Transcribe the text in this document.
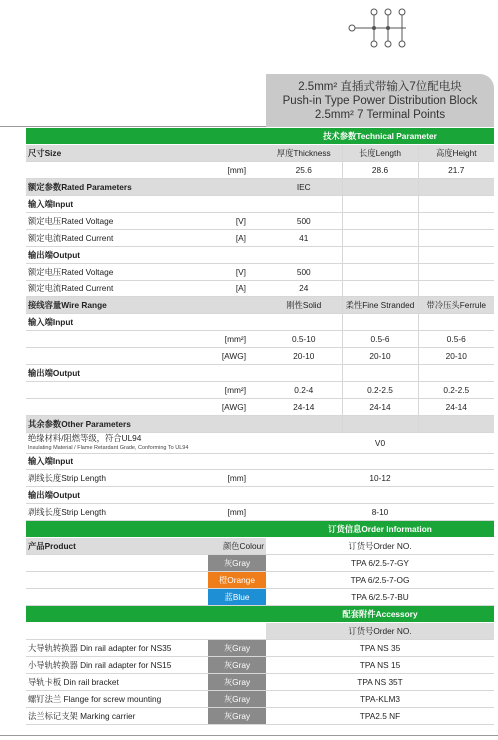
2.5mm² 直插式带输入7位配电块
Push-in Type Power Distribution Block
2.5mm² 7 Terminal Points
		技术参数Technical Parameter		
尺寸Size		厚度Thickness	长度Length	高度Height
	[mm]	25.6	28.6	21.7
额定参数Rated Parameters		IEC		
输入端Input				
额定电压Rated Voltage	[V]	500		
额定电流Rated Current	[A]	41		
输出端Output				
额定电压Rated Voltage	[V]	500		
额定电流Rated Current	[A]	24		
接线容量Wire Range		刚性Solid	柔性Fine Stranded	带冷压头Ferrule
输入端Input				
	[mm²]	0.5-10	0.5-6	0.5-6
	[AWG]	20-10	20-10	20-10
输出端Output				
	[mm²]	0.2-4	0.2-2.5	0.2-2.5
	[AWG]	24-14	24-14	24-14
其余参数Other Parameters				
绝缘材料/阻燃等级，符合UL94
Insulating Material / Flame Retardant Grade, Conforming To UL94		V0		
输入端Input				
剥线长度Strip Length	[mm]	10-12		
输出端Output				
剥线长度Strip Length	[mm]	8-10		
		订货信息Order Information		
产品Product	颜色Colour	订货号Order NO.		
	灰Gray	TPA 6/2.5-7-GY		
	橙Orange	TPA 6/2.5-7-OG		
	蓝Blue	TPA 6/2.5-7-BU		
		配套附件Accessory		
		订货号Order NO.		
大导轨转换器 Din rail adapter for NS35	灰Gray	TPA NS 35		
小导轨转换器 Din rail adapter for NS15	灰Gray	TPA NS 15		
导轨卡板 Din rail bracket	灰Gray	TPA NS 35T		
螺钉法兰 Flange for screw mounting	灰Gray	TPA-KLM3		
法兰标记支架 Marking carrier	灰Gray	TPA2.5 NF		
